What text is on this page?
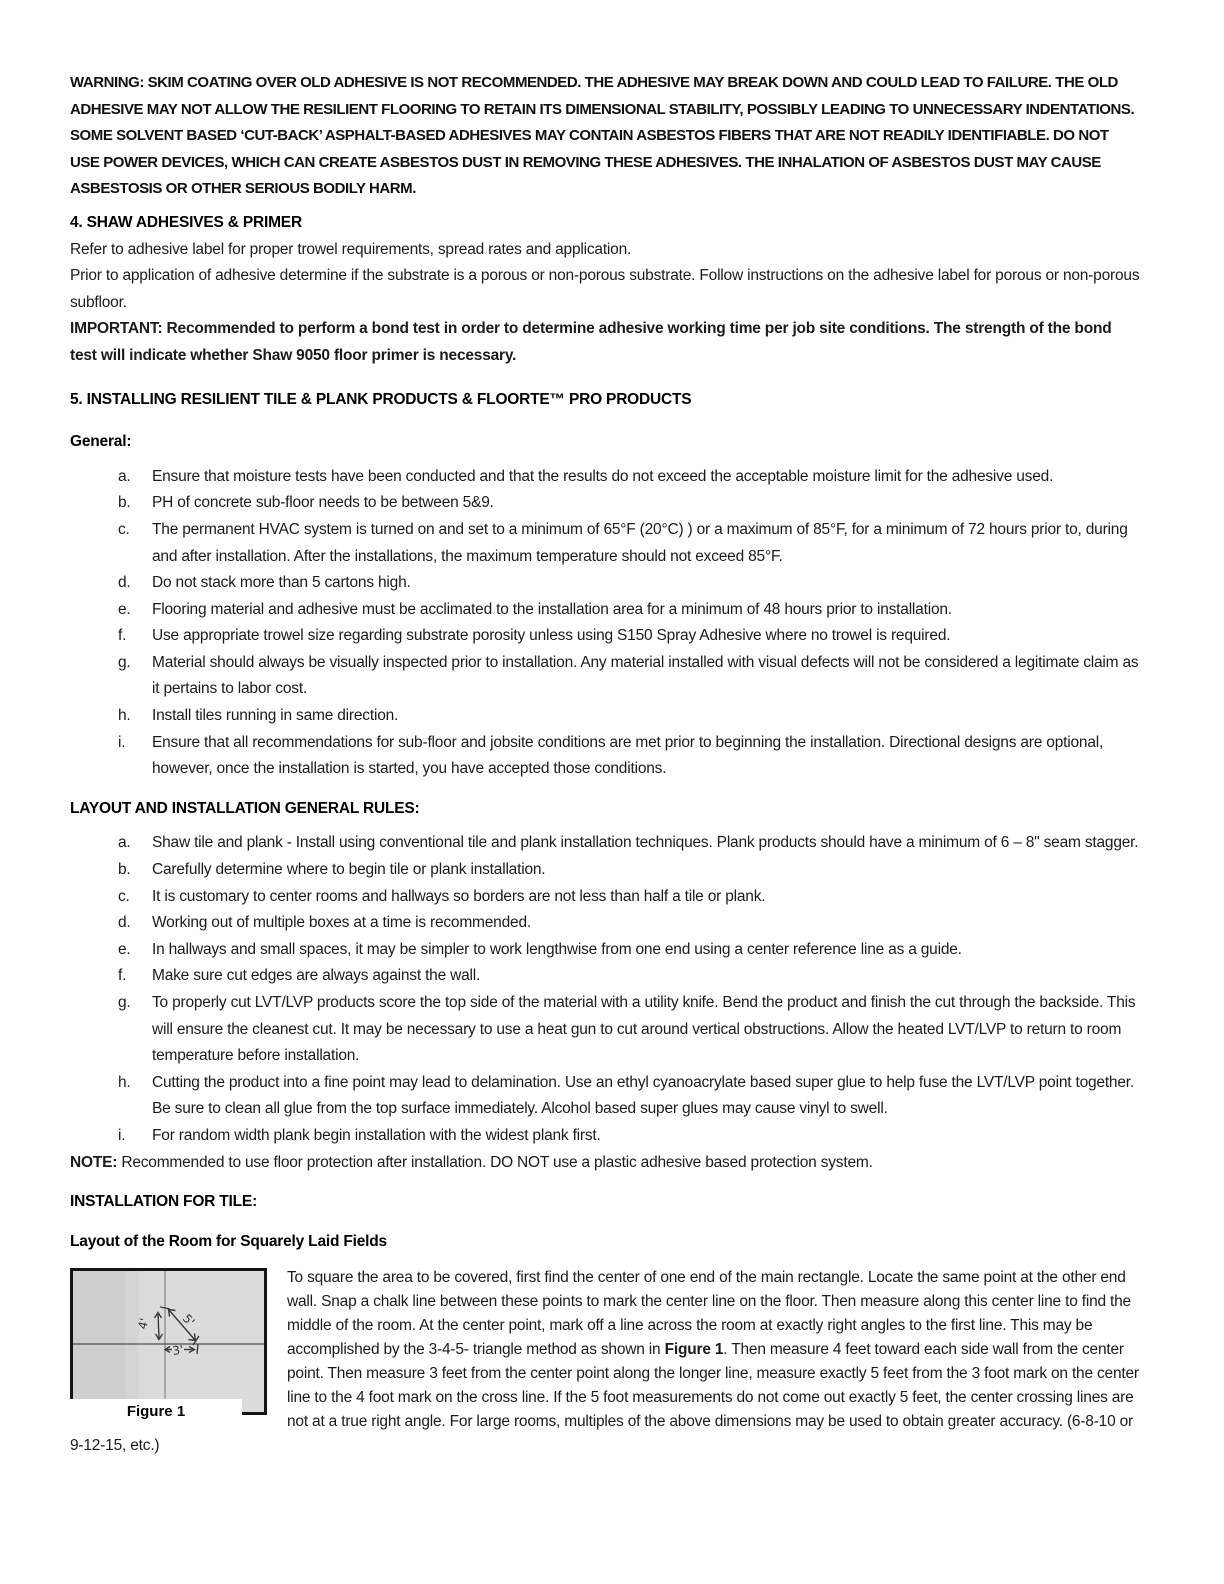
WARNING: SKIM COATING OVER OLD ADHESIVE IS NOT RECOMMENDED. THE ADHESIVE MAY BREAK DOWN AND COULD LEAD TO FAILURE. THE OLD ADHESIVE MAY NOT ALLOW THE RESILIENT FLOORING TO RETAIN ITS DIMENSIONAL STABILITY, POSSIBLY LEADING TO UNNECESSARY INDENTATIONS. SOME SOLVENT BASED ‘CUT-BACK’ ASPHALT-BASED ADHESIVES MAY CONTAIN ASBESTOS FIBERS THAT ARE NOT READILY IDENTIFIABLE. DO NOT USE POWER DEVICES, WHICH CAN CREATE ASBESTOS DUST IN REMOVING THESE ADHESIVES. THE INHALATION OF ASBESTOS DUST MAY CAUSE ASBESTOSIS OR OTHER SERIOUS BODILY HARM.

4. SHAW ADHESIVES & PRIMER

Refer to adhesive label for proper trowel requirements, spread rates and application.

Prior to application of adhesive determine if the substrate is a porous or non-porous substrate. Follow instructions on the adhesive label for porous or non-porous subfloor.

IMPORTANT: Recommended to perform a bond test in order to determine adhesive working time per job site conditions. The strength of the bond test will indicate whether Shaw 9050 floor primer is necessary.

5. INSTALLING RESILIENT TILE & PLANK PRODUCTS & FLOORTE™ PRO PRODUCTS
General:
a. Ensure that moisture tests have been conducted and that the results do not exceed the acceptable moisture limit for the adhesive used.
b. PH of concrete sub-floor needs to be between 5&9.
c. The permanent HVAC system is turned on and set to a minimum of 65°F (20°C) ) or a maximum of 85°F, for a minimum of 72 hours prior to, during and after installation. After the installations, the maximum temperature should not exceed 85°F.
d. Do not stack more than 5 cartons high.
e. Flooring material and adhesive must be acclimated to the installation area for a minimum of 48 hours prior to installation.
f. Use appropriate trowel size regarding substrate porosity unless using S150 Spray Adhesive where no trowel is required.
g. Material should always be visually inspected prior to installation. Any material installed with visual defects will not be considered a legitimate claim as it pertains to labor cost.
h. Install tiles running in same direction.
i. Ensure that all recommendations for sub-floor and jobsite conditions are met prior to beginning the installation. Directional designs are optional, however, once the installation is started, you have accepted those conditions.
LAYOUT AND INSTALLATION GENERAL RULES:
a. Shaw tile and plank - Install using conventional tile and plank installation techniques. Plank products should have a minimum of 6 – 8" seam stagger.
b. Carefully determine where to begin tile or plank installation.
c. It is customary to center rooms and hallways so borders are not less than half a tile or plank.
d. Working out of multiple boxes at a time is recommended.
e. In hallways and small spaces, it may be simpler to work lengthwise from one end using a center reference line as a guide.
f. Make sure cut edges are always against the wall.
g. To properly cut LVT/LVP products score the top side of the material with a utility knife. Bend the product and finish the cut through the backside. This will ensure the cleanest cut. It may be necessary to use a heat gun to cut around vertical obstructions. Allow the heated LVT/LVP to return to room temperature before installation.
h. Cutting the product into a fine point may lead to delamination. Use an ethyl cyanoacrylate based super glue to help fuse the LVT/LVP point together. Be sure to clean all glue from the top surface immediately. Alcohol based super glues may cause vinyl to swell.
i. For random width plank begin installation with the widest plank first.

NOTE: Recommended to use floor protection after installation. DO NOT use a plastic adhesive based protection system.

INSTALLATION FOR TILE:
Layout of the Room for Squarely Laid Fields
4' 5'
3'
Figure 1

To square the area to be covered, first find the center of one end of the main rectangle. Locate the same point at the other end wall. Snap a chalk line between these points to mark the center line on the floor. Then measure along this center line to find the middle of the room. At the center point, mark off a line across the room at exactly right angles to the first line. This may be accomplished by the 3-4-5- triangle method as shown in Figure 1. Then measure 4 feet toward each side wall from the center point. Then measure 3 feet from the center point along the longer line, measure exactly 5 feet from the 3 foot mark on the center line to the 4 foot mark on the cross line. If the 5 foot measurements do not come out exactly 5 feet, the center crossing lines are not at a true right angle. For large rooms, multiples of the above dimensions may be used to obtain greater accuracy. (6-8-10 or 9-12-15, etc.)
